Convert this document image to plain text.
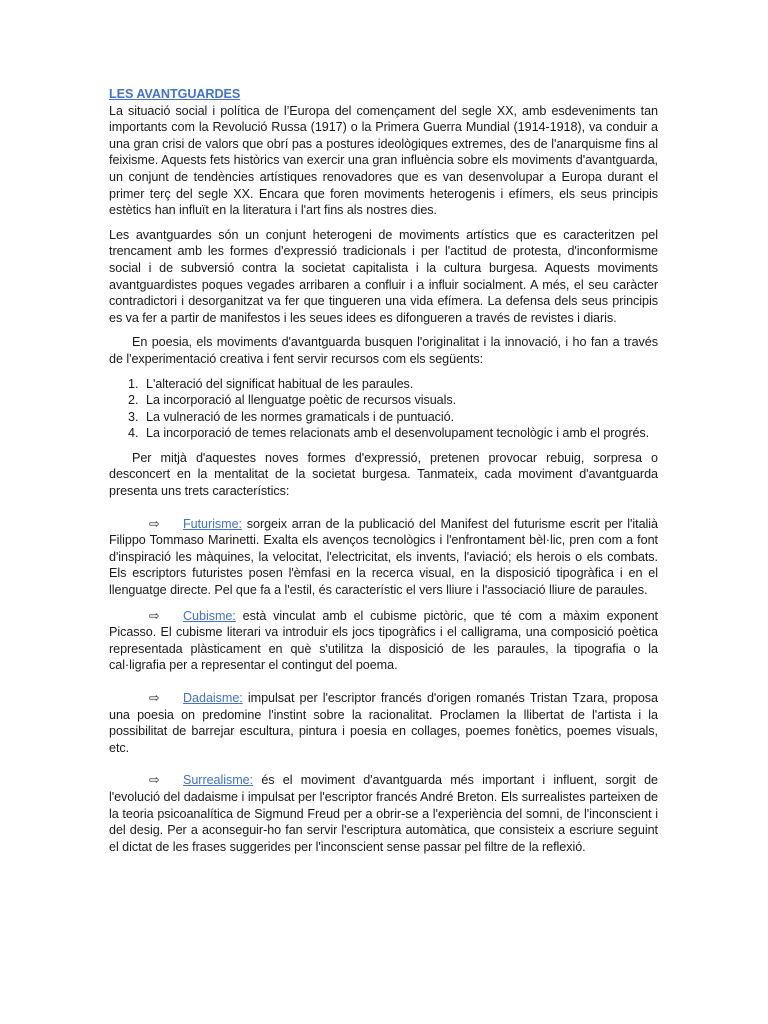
LES AVANTGUARDES

La situació social i política de l’Europa del començament del segle XX, amb esdeveniments tan importants com la Revolució Russa (1917) o la Primera Guerra Mundial (1914-1918), va conduir a una gran crisi de valors que obrí pas a postures ideològiques extremes, des de l'anarquisme fins al feixisme. Aquests fets històrics van exercir una gran influència sobre els moviments d'avantguarda, un conjunt de tendències artístiques renovadores que es van desenvolupar a Europa durant el primer terç del segle XX. Encara que foren moviments heterogenis i efímers, els seus principis estètics han influït en la literatura i l'art fins als nostres dies.

Les avantguardes són un conjunt heterogeni de moviments artístics que es caracteritzen pel trencament amb les formes d'expressió tradicionals i per l'actitud de protesta, d'inconformisme social i de subversió contra la societat capitalista i la cultura burgesa. Aquests moviments avantguardistes poques vegades arribaren a confluir i a influir socialment. A més, el seu caràcter contradictori i desorganitzat va fer que tingueren una vida efímera. La defensa dels seus principis es va fer a partir de manifestos i les seues idees es difongueren a través de revistes i diaris.

En poesia, els moviments d'avantguarda busquen l'originalitat i la innovació, i ho fan a través de l'experimentació creativa i fent servir recursos com els següents:

1. L'alteració del significat habitual de les paraules.
2. La incorporació al llenguatge poètic de recursos visuals.
3. La vulneració de les normes gramaticals i de puntuació.
4. La incorporació de temes relacionats amb el desenvolupament tecnològic i amb el progrés.

Per mitjà d'aquestes noves formes d'expressió, pretenen provocar rebuig, sorpresa o desconcert en la mentalitat de la societat burgesa. Tanmateix, cada moviment d'avantguarda presenta uns trets característics:

⇨ Futurisme: sorgeix arran de la publicació del Manifest del futurisme escrit per l'italià Filippo Tommaso Marinetti. Exalta els avenços tecnològics i l'enfrontament bèl·lic, pren com a font d'inspiració les màquines, la velocitat, l'electricitat, els invents, l'aviació; els herois o els combats. Els escriptors futuristes posen l'èmfasi en la recerca visual, en la disposició tipogràfica i en el llenguatge directe. Pel que fa a l'estil, és característic el vers lliure i l'associació lliure de paraules.

⇨ Cubisme: està vinculat amb el cubisme pictòric, que té com a màxim exponent Picasso. El cubisme literari va introduir els jocs tipogràfics i el calligrama, una composició poètica representada plàsticament en què s'utilitza la disposició de les paraules, la tipografia o la cal·ligrafia per a representar el contingut del poema.

⇨ Dadaisme: impulsat per l'escriptor francés d'origen romanés Tristan Tzara, proposa una poesia on predomine l'instint sobre la racionalitat. Proclamen la llibertat de l'artista i la possibilitat de barrejar escultura, pintura i poesia en collages, poemes fonètics, poemes visuals, etc.

⇨ Surrealisme: és el moviment d'avantguarda més important i influent, sorgit de l'evolució del dadaisme i impulsat per l'escriptor francés André Breton. Els surrealistes parteixen de la teoria psicoanalítica de Sigmund Freud per a obrir-se a l'experiència del somni, de l'inconscient i del desig. Per a aconseguir-ho fan servir l'escriptura automàtica, que consisteix a escriure seguint el dictat de les frases suggerides per l'inconscient sense passar pel filtre de la reflexió.
